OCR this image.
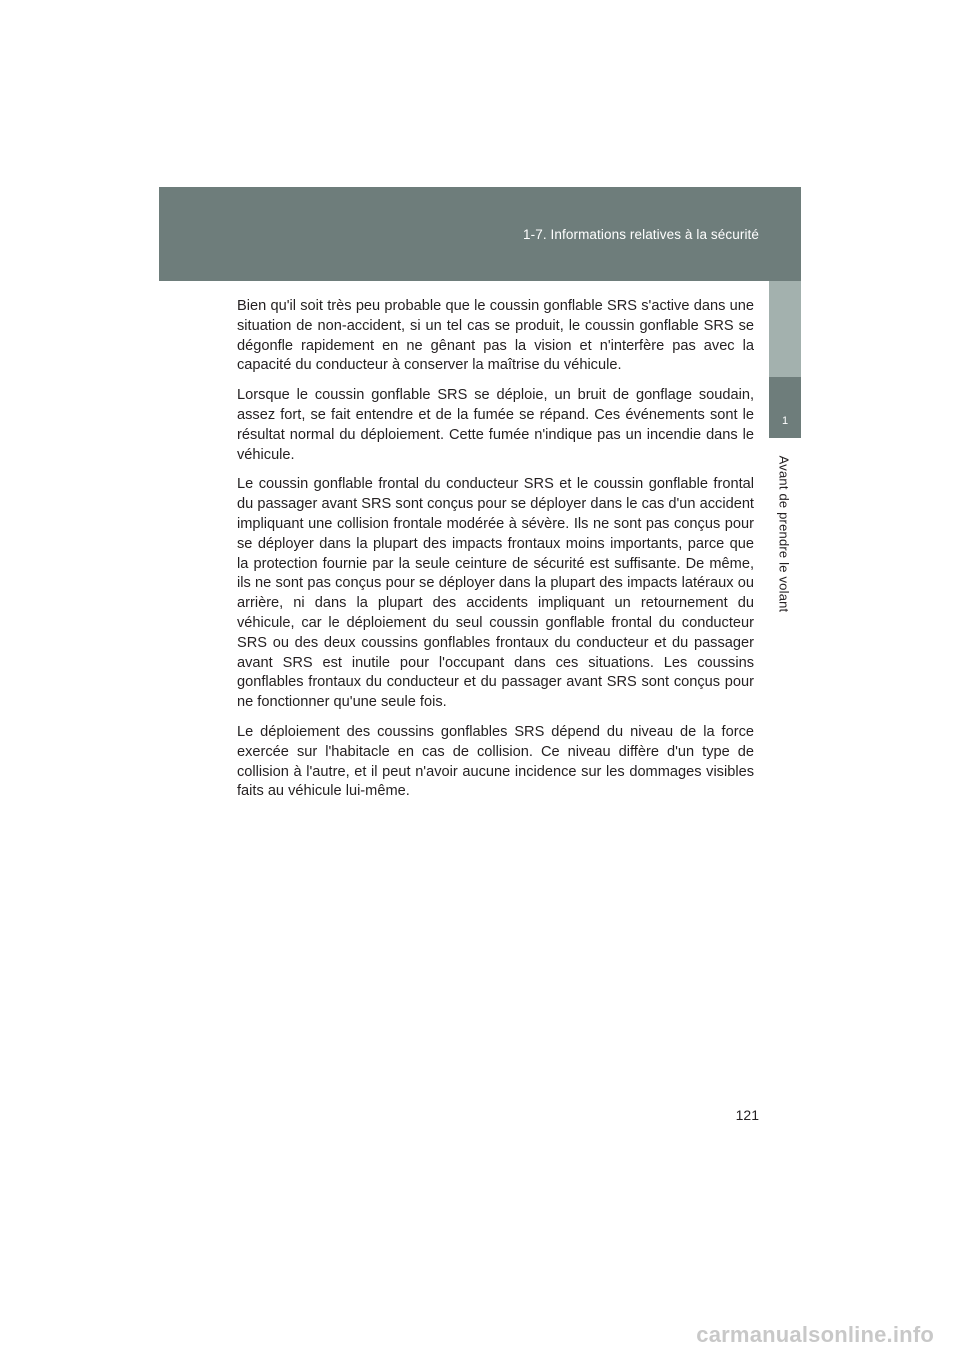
1-7. Informations relatives à la sécurité
1
Avant de prendre le volant

Bien qu'il soit très peu probable que le coussin gonflable SRS s'active dans une situation de non-accident, si un tel cas se produit, le coussin gonflable SRS se dégonfle rapidement en ne gênant pas la vision et n'interfère pas avec la capacité du conducteur à conserver la maîtrise du véhicule.

Lorsque le coussin gonflable SRS se déploie, un bruit de gonflage soudain, assez fort, se fait entendre et de la fumée se répand. Ces événements sont le résultat normal du déploiement. Cette fumée n'indique pas un incendie dans le véhicule.

Le coussin gonflable frontal du conducteur SRS et le coussin gonflable frontal du passager avant SRS sont conçus pour se déployer dans le cas d'un accident impliquant une collision frontale modérée à sévère. Ils ne sont pas conçus pour se déployer dans la plupart des impacts frontaux moins importants, parce que la protection fournie par la seule ceinture de sécurité est suffisante. De même, ils ne sont pas conçus pour se déployer dans la plupart des impacts latéraux ou arrière, ni dans la plupart des accidents impliquant un retournement du véhicule, car le déploiement du seul coussin gonflable frontal du conducteur SRS ou des deux coussins gonflables frontaux du conducteur et du passager avant SRS est inutile pour l'occupant dans ces situations. Les coussins gonflables frontaux du conducteur et du passager avant SRS sont conçus pour ne fonctionner qu'une seule fois.

Le déploiement des coussins gonflables SRS dépend du niveau de la force exercée sur l'habitacle en cas de collision. Ce niveau diffère d'un type de collision à l'autre, et il peut n'avoir aucune incidence sur les dommages visibles faits au véhicule lui-même.

121
carmanualsonline.info
